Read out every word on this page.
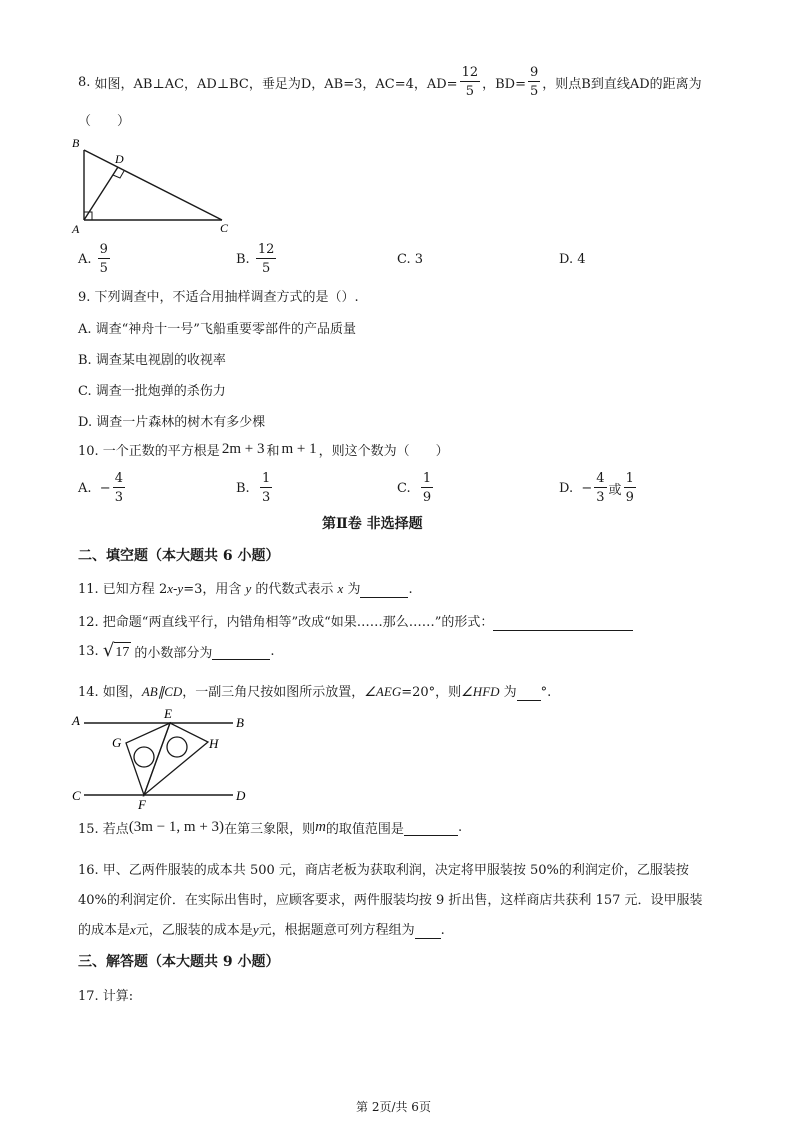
8.
如图，AB⊥AC，AD⊥BC，垂足为D，AB=3，AC=4，$AD= \frac{12}{5}$ ，$BD= \frac{9}{5}$ ，则点B到直线AD的距离为
（　　）
B
D
A	C
A.
$\frac{9}{5}$	B.
$\frac{12}{5}$	C. 3	D. 4
9. 下列调查中，不适合用抽样调查方式的是（）.
A. 调查“神舟十一号”飞船重要零部件的产品质量
B. 调查某电视剧的收视率
C. 调查一批炮弹的杀伤力
D. 调查一片森林的树木有多少棵
10. 一个正数的平方根是 2m + 3 和 m + 1 ，则这个数为（　　）
A.
− $\frac{4}{3}$	B.
$\frac{1}{3}$	C.
$\frac{1}{9}$	D.
− $\frac{4}{3}$ 或 $\frac{1}{9}$
第Ⅱ卷 非选择题
二、填空题（本大题共 6 小题）
11. 已知方程 2x-y=3，用含 y 的代数式表示 x 为	.
12. 把命题“两直线平行，内错角相等”改成“如果……那么……”的形式：
13.
√ 17 的小数部分为
	.
14. 如图，AB∥CD，一副三角尺按如图所示放置，∠AEG=20°，则∠HFD 为 °.
A	E
B
G	H
C
F
D
15. 若点 (3m − 1, m + 3) 在第三象限，则 m 的取值范围是
	.
16. 甲、乙两件服装的成本共 500 元，商店老板为获取利润，决定将甲服装按 50%的利润定价，乙服装按
40%的利润定价．在实际出售时，应顾客要求，两件服装均按 9 折出售，这样商店共获利 157 元．设甲服装
的成本是x元，乙服装的成本是y元，根据题意可列方程组为 .
三、解答题（本大题共 9 小题）
17. 计算:
第 2页/共 6页
